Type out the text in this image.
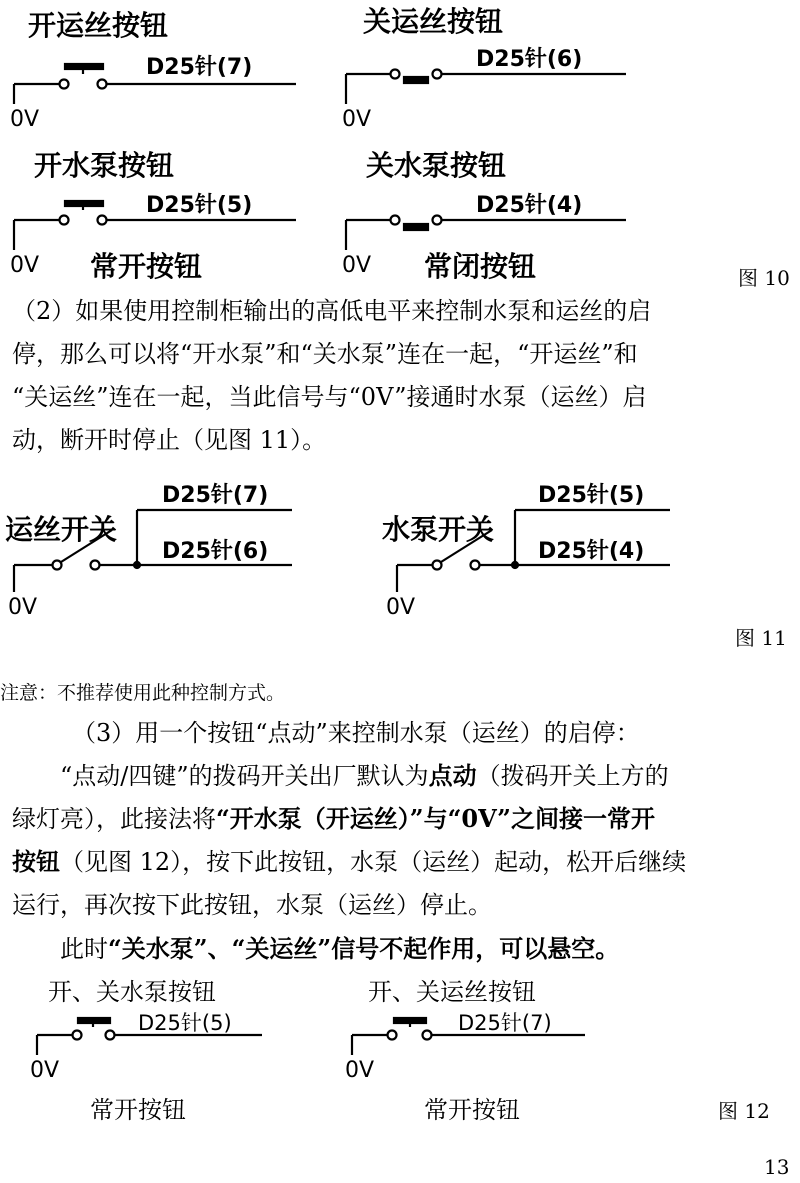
开运丝按钮	关运丝按钮
D25针(7)	D25针(6)
0V	0V
开水泵按钮	关水泵按钮
D25针(5)	D25针(4)
0V	0V
常开按钮	常闭按钮	图 10
（2）如果使用控制柜输出的高低电平来控制水泵和运丝的启
停，那么可以将“开水泵”和“关水泵”连在一起，“开运丝”和
“关运丝”连在一起，当此信号与“0V”接通时水泵（运丝）启
动，断开时停止（见图 11）。
D25针(7)
D25针(6)
运丝开关
0V
D25针(5)
D25针(4)
水泵开关
0V
图 11
注意：不推荐使用此种控制方式。
（3）用一个按钮“点动”来控制水泵（运丝）的启停：
“点动/四键”的拨码开关出厂默认为点动（拨码开关上方的
绿灯亮），此接法将“开水泵（开运丝）”与“0V”之间接一常开
按钮（见图 12），按下此按钮，水泵（运丝）起动，松开后继续
运行，再次按下此按钮，水泵（运丝）停止。
此时“关水泵”、“关运丝”信号不起作用，可以悬空。
开、关水泵按钮	开、关运丝按钮
D25针(5)	D25针(7)
0V	0V
常开按钮	常开按钮	图 12
13
